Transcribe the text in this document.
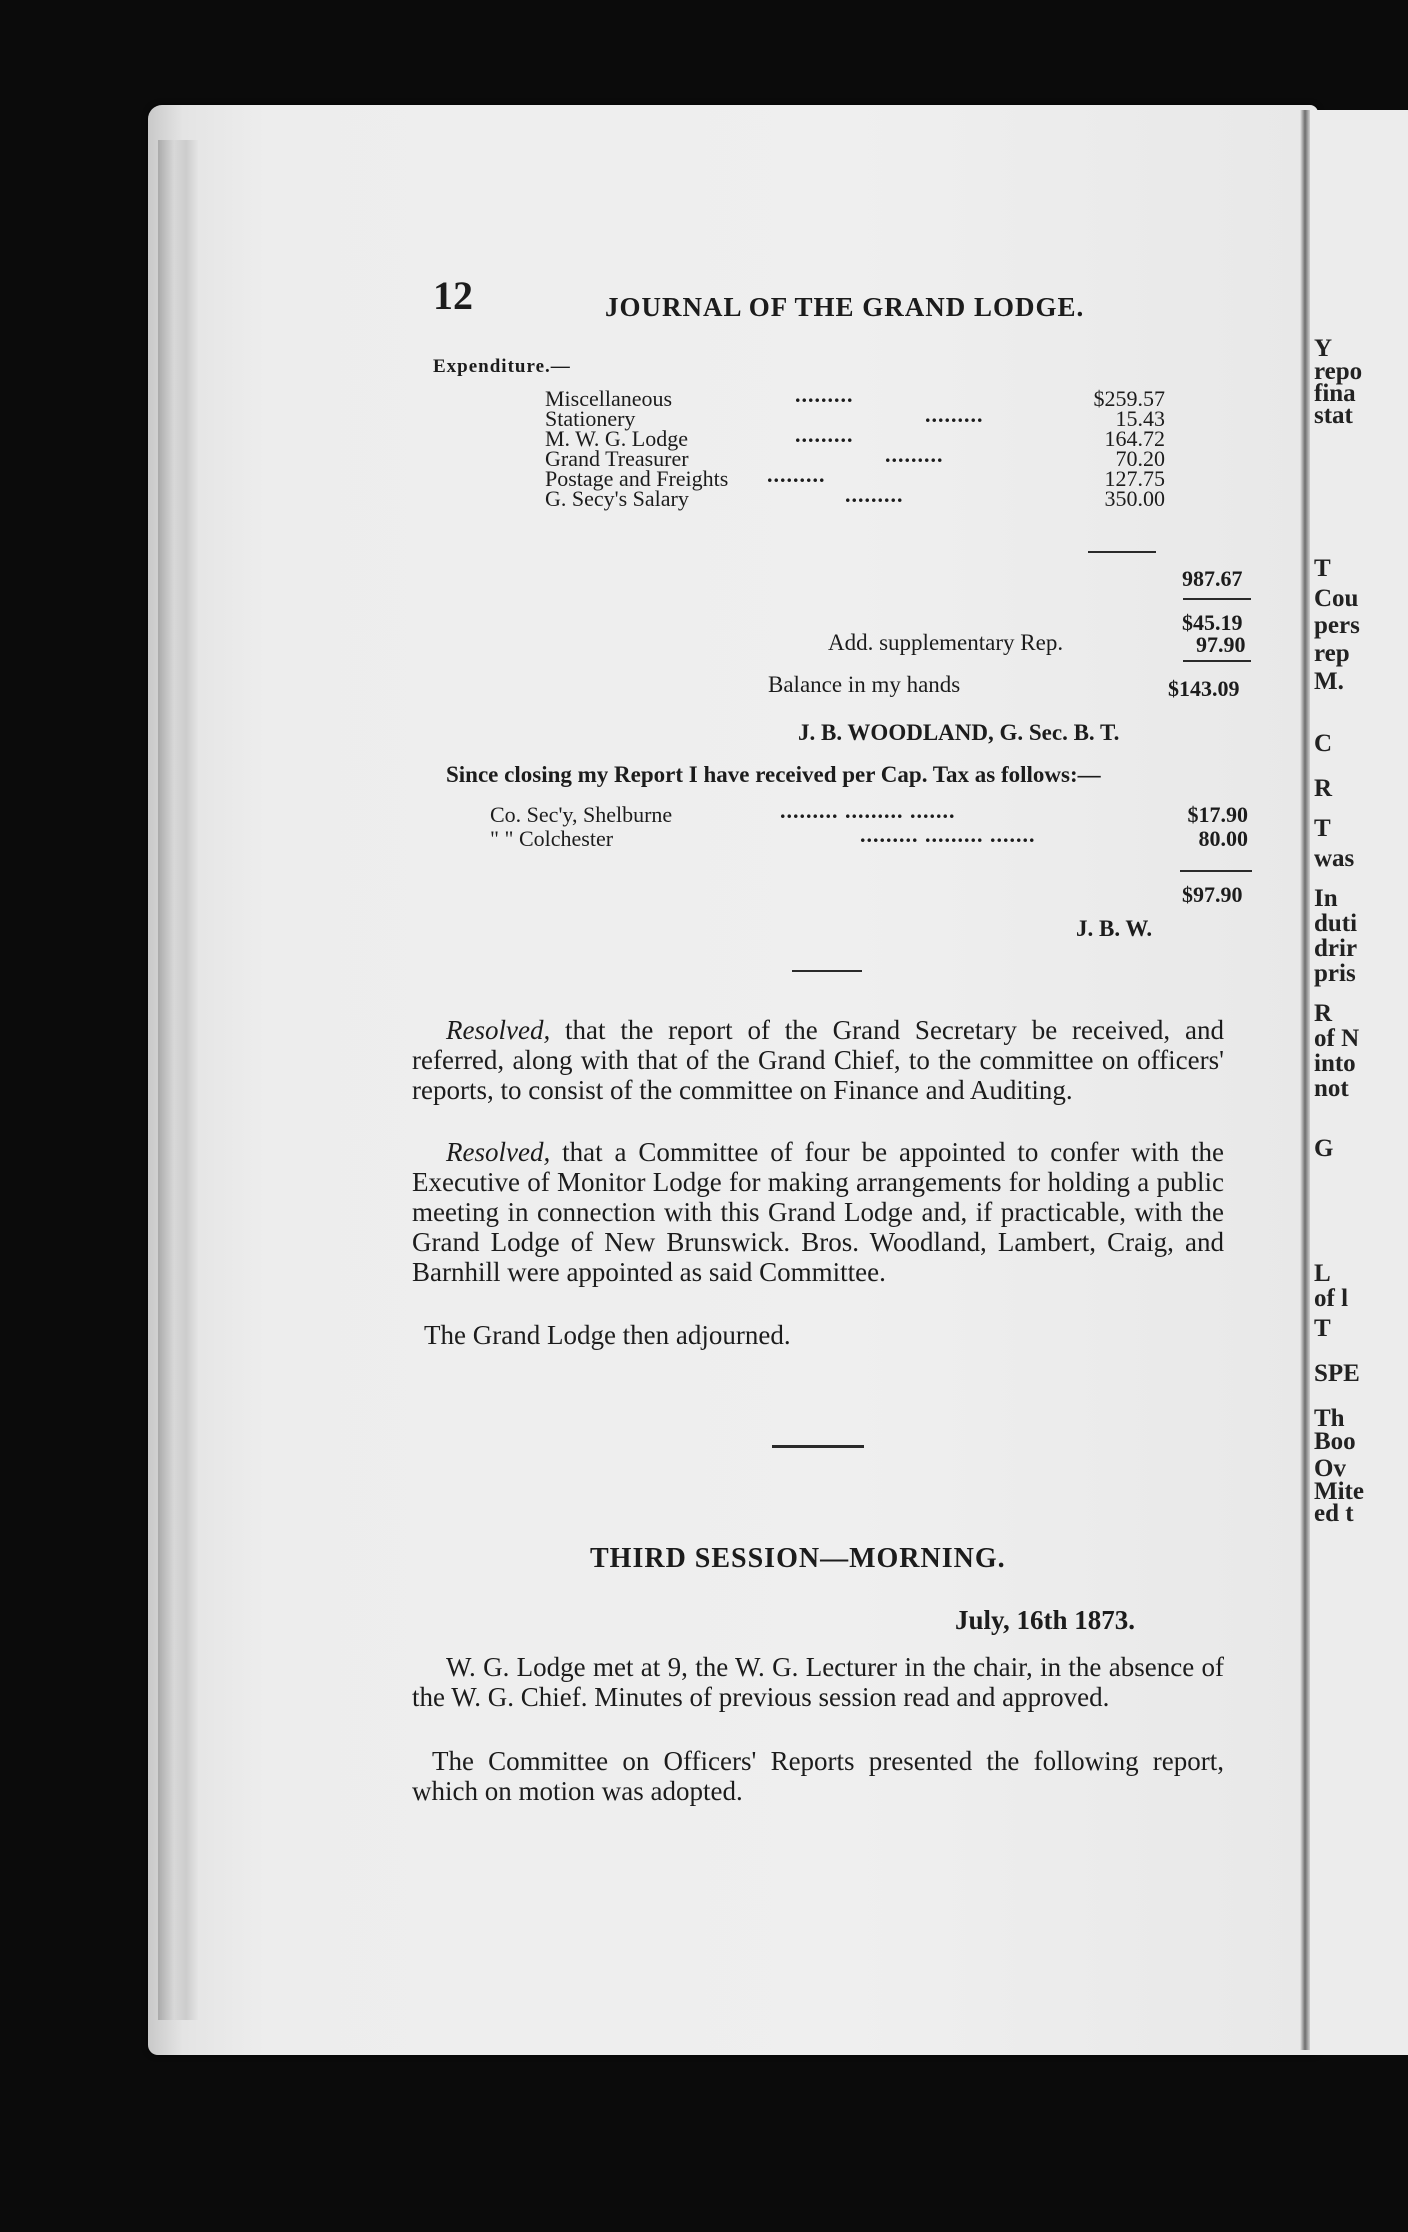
Y
repo
fina
stat
T
Cou
pers
rep
M.
C
R
T
was
In
duti
drir
pris
R
of N
into
not
G
L
of l
T
SPE
Th
Boo
Ov
Mite
ed t
12	JOURNAL OF THE GRAND LODGE.
Expenditure.—
Miscellaneous	.........	$259.57
Stationery	.........	15.43
M. W. G. Lodge	.........	164.72
Grand Treasurer	.........	70.20
Postage and Freights .........	127.75
G. Secy's Salary	.........	350.00
987.67
$45.19
Add. supplementary Rep.	97.90
Balance in my hands	$143.09
J. B. WOODLAND, G. Sec. B. T.
Since closing my Report I have received per Cap. Tax as follows:—
Co. Sec'y, Shelburne	......... ......... .......	$17.90
" " Colchester	......... ......... .......	80.00
$97.90
J. B. W.
Resolved, that the report of the Grand Secretary be received, and referred, along with that of the Grand Chief, to the committee on officers' reports, to consist of the committee on Finance and Auditing.
Resolved, that a Committee of four be appointed to confer with the Executive of Monitor Lodge for making arrangements for holding a public meeting in connection with this Grand Lodge and, if practicable, with the Grand Lodge of New Brunswick. Bros. Woodland, Lambert, Craig, and Barnhill were appointed as said Committee.
The Grand Lodge then adjourned.
THIRD SESSION—MORNING.
July, 16th 1873.
W. G. Lodge met at 9, the W. G. Lecturer in the chair, in the absence of the W. G. Chief. Minutes of previous session read and approved.
The Committee on Officers' Reports presented the following report, which on motion was adopted.
